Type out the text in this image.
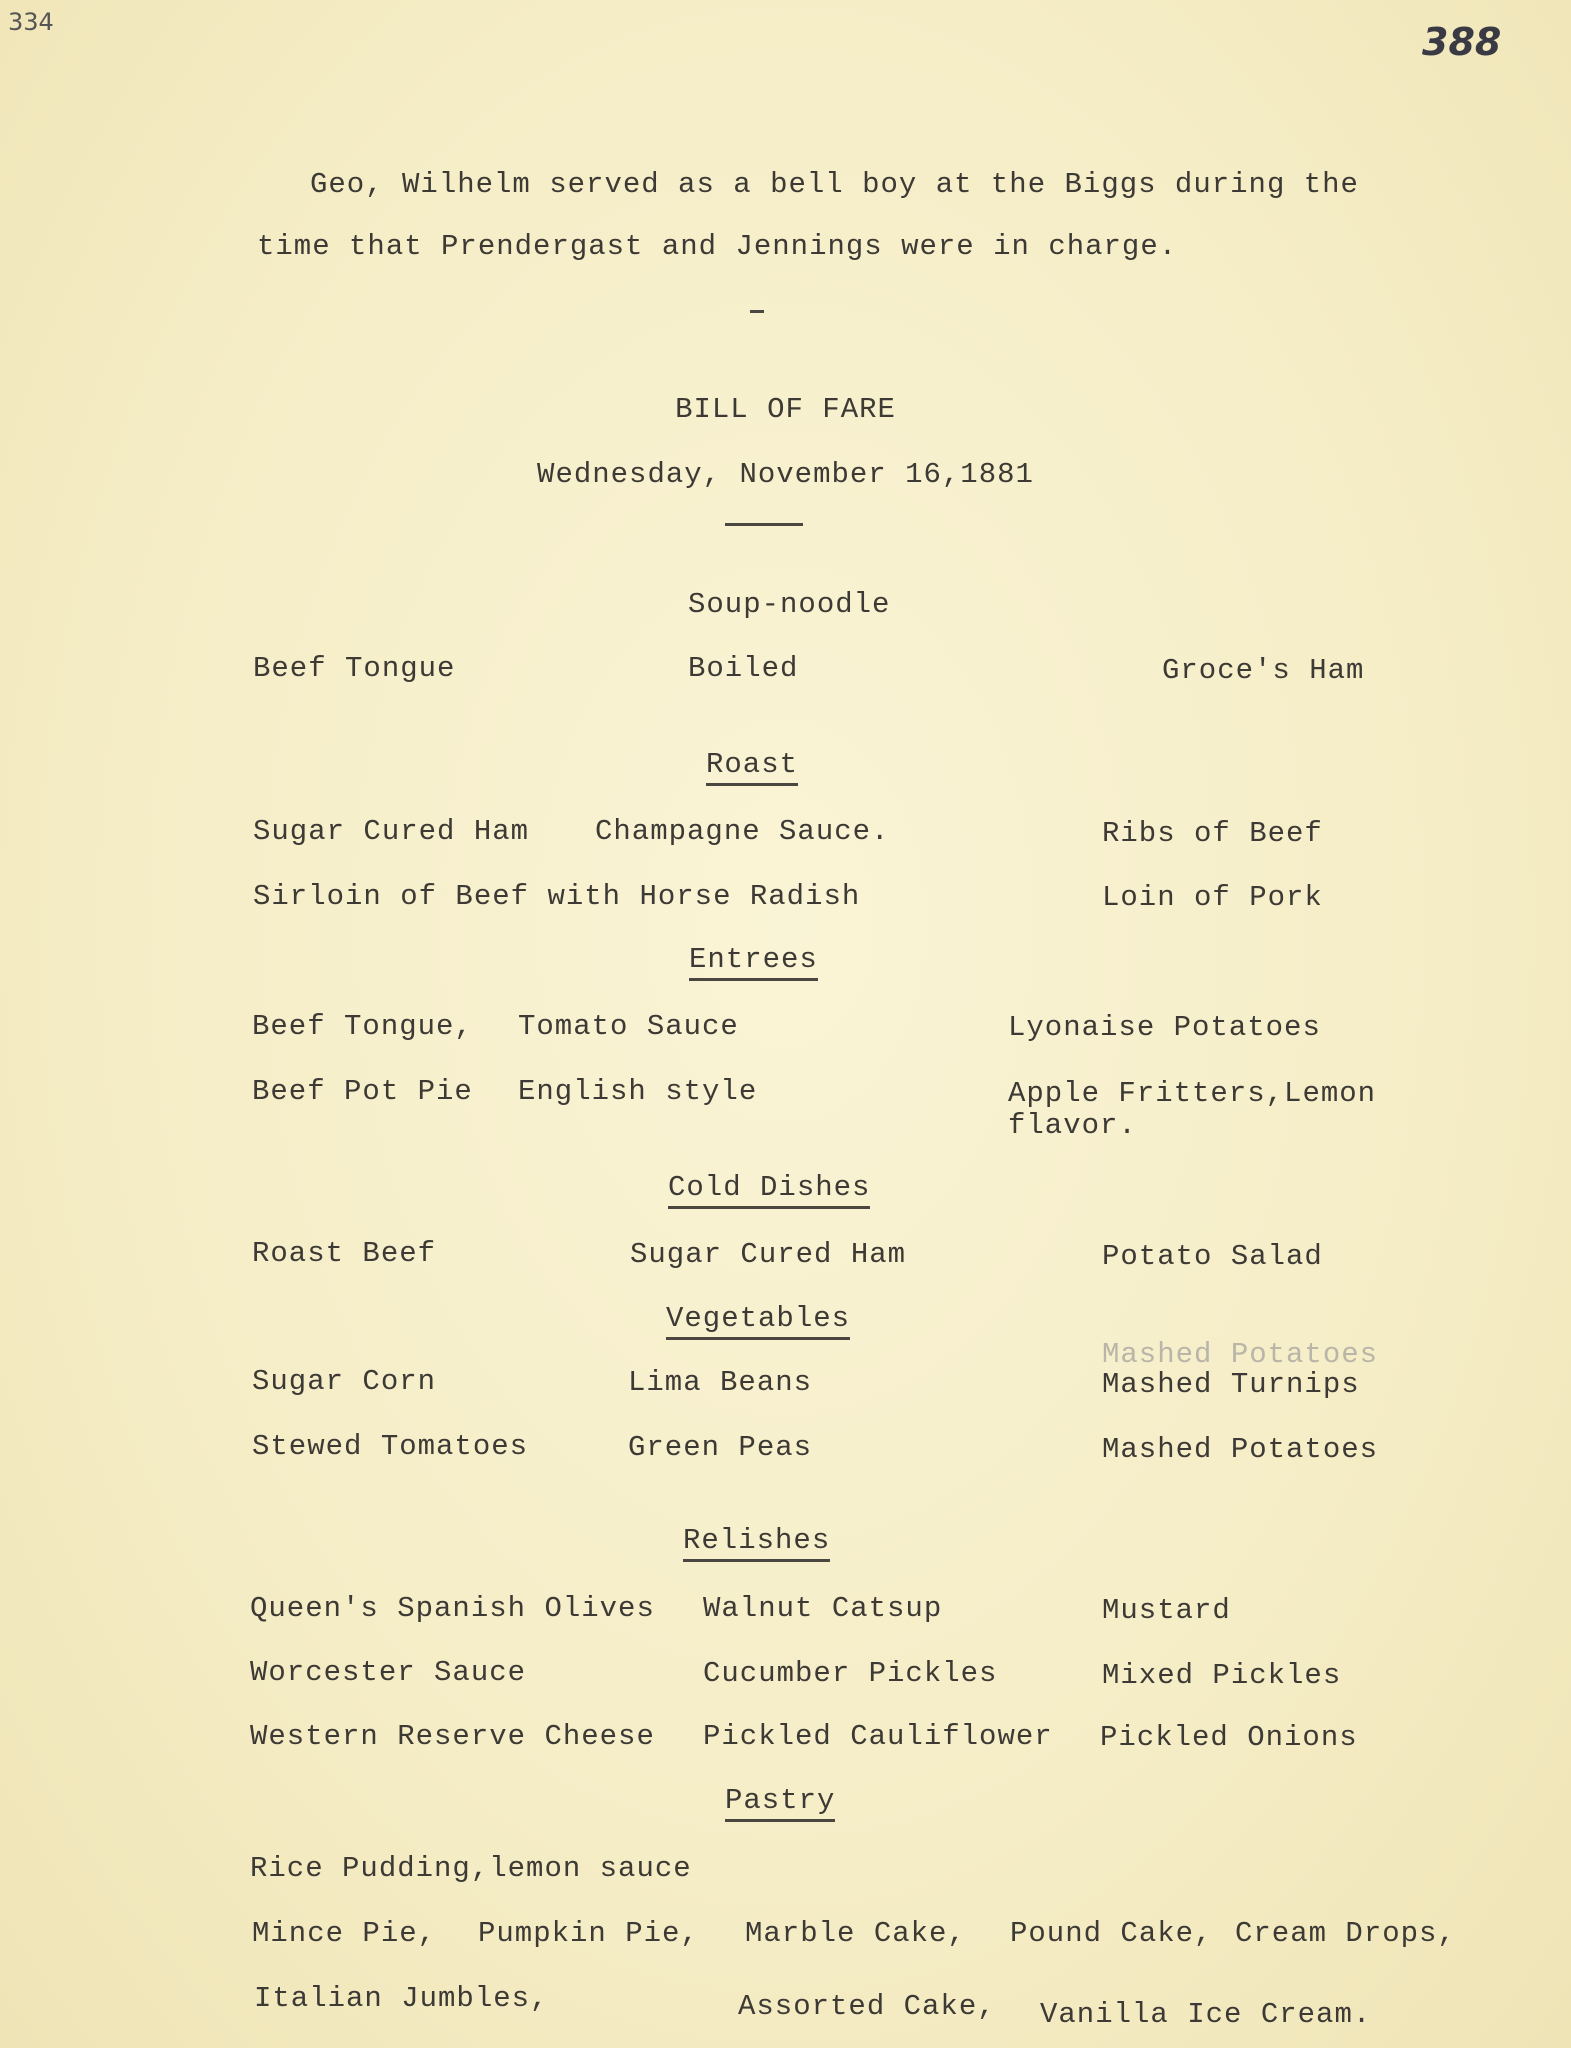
334	388
Geo, Wilhelm served as a bell boy at the Biggs during the
time that Prendergast and Jennings were in charge.
BILL OF FARE
Wednesday, November 16,1881
Soup-noodle
Beef Tongue	Boiled	Groce's Ham
Roast
Sugar Cured Ham Champagne Sauce.	Ribs of Beef
Sirloin of Beef with Horse Radish	Loin of Pork
Entrees
Beef Tongue, Tomato Sauce	Lyonaise Potatoes
Beef Pot Pie English style	Apple Fritters,Lemon
flavor.
Cold Dishes
Roast Beef	Sugar Cured Ham	Potato Salad
Vegetables
Mashed Potatoes
Sugar Corn	Lima Beans	Mashed Turnips
Stewed Tomatoes	Green Peas	Mashed Potatoes
Relishes
Queen's Spanish Olives Walnut Catsup	Mustard
Worcester Sauce	Cucumber Pickles	Mixed Pickles
Western Reserve Cheese Pickled Cauliflower Pickled Onions
Pastry
Rice Pudding,lemon sauce
Mince Pie, Pumpkin Pie, Marble Cake, Pound Cake, Cream Drops,
Italian Jumbles,	Assorted Cake, Vanilla Ice Cream.
